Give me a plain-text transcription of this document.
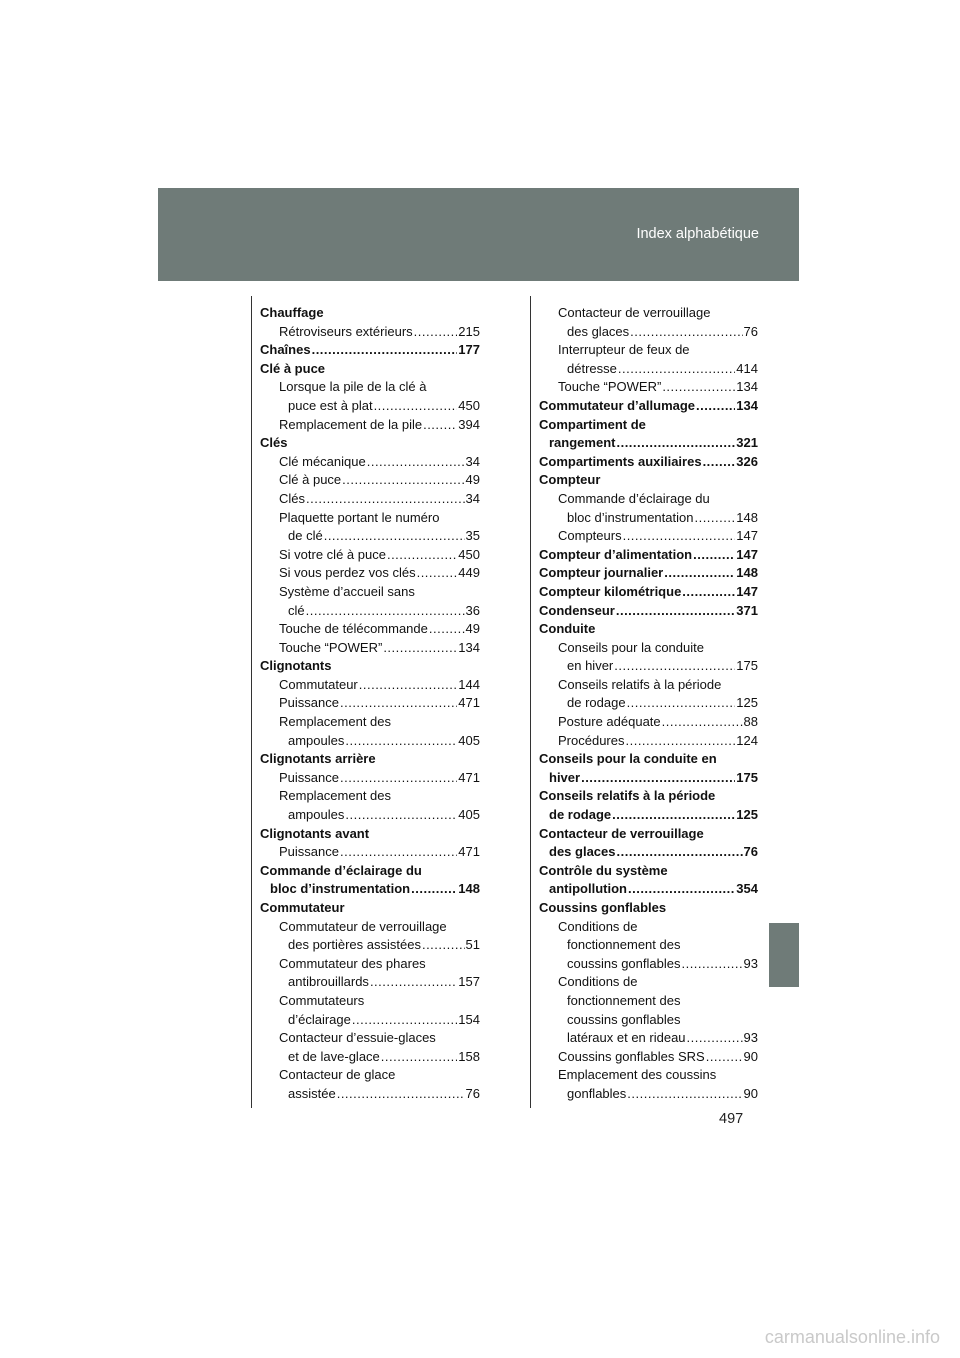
Index alphabétique
Chauffage
Rétroviseurs extérieurs .....	215
Chaînes .....	177
Clé à puce
Lorsque la pile de la clé à
puce est à plat .....	450
Remplacement de la pile .....	394
Clés
Clé mécanique .....	34
Clé à puce .....	49
Clés .....	34
Plaquette portant le numéro
de clé .....	35
Si votre clé à puce .....	450
Si vous perdez vos clés .....	449
Système d’accueil sans
clé .....	36
Touche de télécommande .....	49
Touche “POWER” .....	134
Clignotants
Commutateur .....	144
Puissance .....	471
Remplacement des
ampoules .....	405
Clignotants arrière
Puissance .....	471
Remplacement des
ampoules .....	405
Clignotants avant
Puissance .....	471
Commande d’éclairage du
bloc d’instrumentation .....	148
Commutateur
Commutateur de verrouillage
des portières assistées .....	51
Commutateur des phares
antibrouillards .....	157
Commutateurs
d’éclairage .....	154
Contacteur d’essuie-glaces
et de lave-glace .....	158
Contacteur de glace
assistée .....	76
Contacteur de verrouillage
des glaces .....	76
Interrupteur de feux de
détresse .....	414
Touche “POWER” .....	134
Commutateur d’allumage .....	134
Compartiment de
rangement .....	321
Compartiments auxiliaires .....	326
Compteur
Commande d’éclairage du
bloc d’instrumentation .....	148
Compteurs .....	147
Compteur d’alimentation .....	147
Compteur journalier .....	148
Compteur kilométrique .....	147
Condenseur .....	371
Conduite
Conseils pour la conduite
en hiver .....	175
Conseils relatifs à la période
de rodage .....	125
Posture adéquate .....	88
Procédures .....	124
Conseils pour la conduite en
hiver .....	175
Conseils relatifs à la période
de rodage .....	125
Contacteur de verrouillage
des glaces .....	76
Contrôle du système
antipollution .....	354
Coussins gonflables
Conditions de
fonctionnement des
coussins gonflables .....	93
Conditions de
fonctionnement des
coussins gonflables
latéraux et en rideau .....	93
Coussins gonflables SRS .....	90
Emplacement des coussins
gonflables .....	90
497
carmanualsonline.info
